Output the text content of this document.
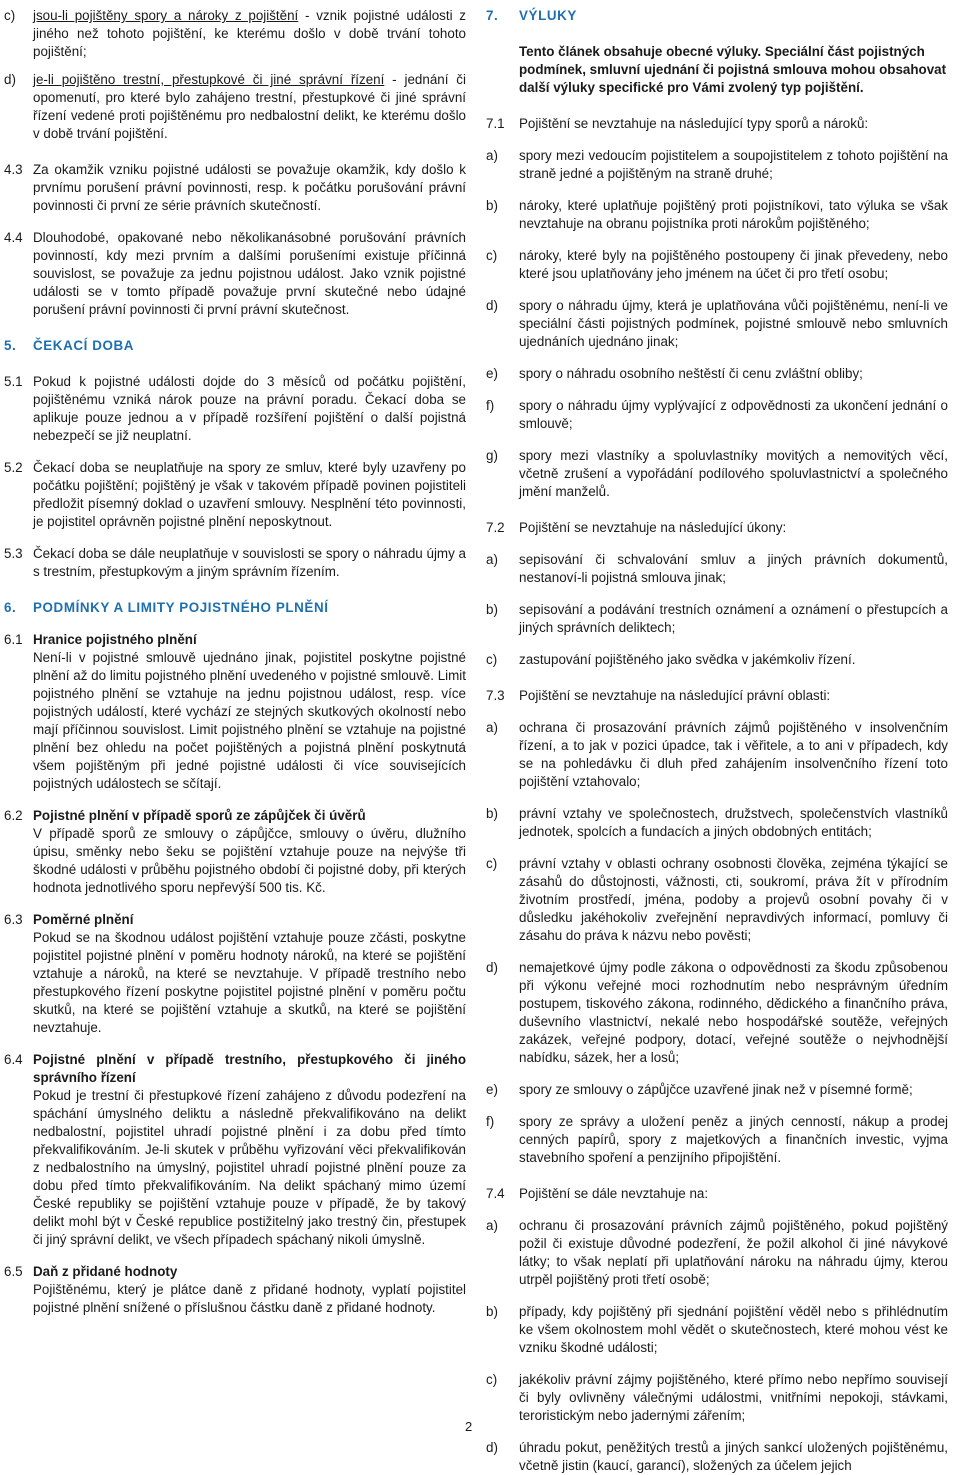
c) jsou-li pojištěny spory a nároky z pojištění - vznik pojistné události z jiného než tohoto pojištění, ke kterému došlo v době trvání tohoto pojištění;
d) je-li pojištěno trestní, přestupkové či jiné správní řízení - jednání či opomenutí, pro které bylo zahájeno trestní, přestupkové či jiné správní řízení vedené proti pojištěnému pro nedbalostní delikt, ke kterému došlo v době trvání pojištění.
4.3 Za okamžik vzniku pojistné události se považuje okamžik, kdy došlo k prvnímu porušení právní povinnosti, resp. k počátku porušování právní povinnosti či první ze série právních skutečností.
4.4 Dlouhodobé, opakované nebo několikanásobné porušování právních povinností, kdy mezi prvním a dalšími porušeními existuje příčinná souvislost, se považuje za jednu pojistnou událost. Jako vznik pojistné události se v tomto případě považuje první skutečné nebo údajné porušení právní povinnosti či první právní skutečnost.
5. ČEKACÍ DOBA
5.1 Pokud k pojistné události dojde do 3 měsíců od počátku pojištění, pojištěnému vzniká nárok pouze na právní poradu. Čekací doba se aplikuje pouze jednou a v případě rozšíření pojištění o další pojistná nebezpečí se již neuplatní.
5.2 Čekací doba se neuplatňuje na spory ze smluv, které byly uzavřeny po počátku pojištění; pojištěný je však v takovém případě povinen pojistiteli předložit písemný doklad o uzavření smlouvy. Nesplnění této povinnosti, je pojistitel oprávněn pojistné plnění neposkytnout.
5.3 Čekací doba se dále neuplatňuje v souvislosti se spory o náhradu újmy a s trestním, přestupkovým a jiným správním řízením.
6. PODMÍNKY A LIMITY POJISTNÉHO PLNĚNÍ
6.1 Hranice pojistného plnění
Není-li v pojistné smlouvě ujednáno jinak, pojistitel poskytne pojistné plnění až do limitu pojistného plnění uvedeného v pojistné smlouvě. Limit pojistného plnění se vztahuje na jednu pojistnou událost, resp. více pojistných událostí, které vychází ze stejných skutkových okolností nebo mají příčinnou souvislost. Limit pojistného plnění se vztahuje na pojistné plnění bez ohledu na počet pojištěných a pojistná plnění poskytnutá všem pojištěným při jedné pojistné události či více souvisejících pojistných událostech se sčítají.
6.2 Pojistné plnění v případě sporů ze zápůjček či úvěrů
V případě sporů ze smlouvy o zápůjčce, smlouvy o úvěru, dlužního úpisu, směnky nebo šeku se pojištění vztahuje pouze na nejvýše tři škodné události v průběhu pojistného období či pojistné doby, při kterých hodnota jednotlivého sporu nepřevýší 500 tis. Kč.
6.3 Poměrné plnění
Pokud se na škodnou událost pojištění vztahuje pouze zčásti, poskytne pojistitel pojistné plnění v poměru hodnoty nároků, na které se pojištění vztahuje a nároků, na které se nevztahuje. V případě trestního nebo přestupkového řízení poskytne pojistitel pojistné plnění v poměru počtu skutků, na které se pojištění vztahuje a skutků, na které se pojištění nevztahuje.
6.4 Pojistné plnění v případě trestního, přestupkového či jiného správního řízení
Pokud je trestní či přestupkové řízení zahájeno z důvodu podezření na spáchání úmyslného deliktu a následně překvalifikováno na delikt nedbalostní, pojistitel uhradí pojistné plnění i za dobu před tímto překvalifikováním. Je-li skutek v průběhu vyřizování věci překvalifikován z nedbalostního na úmyslný, pojistitel uhradí pojistné plnění pouze za dobu před tímto překvalifikováním. Na delikt spáchaný mimo území České republiky se pojištění vztahuje pouze v případě, že by takový delikt mohl být v České republice postižitelný jako trestný čin, přestupek či jiný správní delikt, ve všech případech spáchaný nikoli úmyslně.
6.5 Daň z přidané hodnoty
Pojištěnému, který je plátce daně z přidané hodnoty, vyplatí pojistitel pojistné plnění snížené o příslušnou částku daně z přidané hodnoty.
7. VÝLUKY
Tento článek obsahuje obecné výluky. Speciální část pojistných podmínek, smluvní ujednání či pojistná smlouva mohou obsahovat další výluky specifické pro Vámi zvolený typ pojištění.
7.1 Pojištění se nevztahuje na následující typy sporů a nároků:
a) spory mezi vedoucím pojistitelem a soupojistitelem z tohoto pojištění na straně jedné a pojištěným na straně druhé;
b) nároky, které uplatňuje pojištěný proti pojistníkovi, tato výluka se však nevztahuje na obranu pojistníka proti nárokům pojištěného;
c) nároky, které byly na pojištěného postoupeny či jinak převedeny, nebo které jsou uplatňovány jeho jménem na účet či pro třetí osobu;
d) spory o náhradu újmy, která je uplatňována vůči pojištěnému, není-li ve speciální části pojistných podmínek, pojistné smlouvě nebo smluvních ujednáních ujednáno jinak;
e) spory o náhradu osobního neštěstí či cenu zvláštní obliby;
f) spory o náhradu újmy vyplývající z odpovědnosti za ukončení jednání o smlouvě;
g) spory mezi vlastníky a spoluvlastníky movitých a nemovitých věcí, včetně zrušení a vypořádání podílového spoluvlastnictví a společného jmění manželů.
7.2 Pojištění se nevztahuje na následující úkony:
a) sepisování či schvalování smluv a jiných právních dokumentů, nestanoví-li pojistná smlouva jinak;
b) sepisování a podávání trestních oznámení a oznámení o přestupcích a jiných správních deliktech;
c) zastupování pojištěného jako svědka v jakémkoliv řízení.
7.3 Pojištění se nevztahuje na následující právní oblasti:
a) ochrana či prosazování právních zájmů pojištěného v insolvenčním řízení, a to jak v pozici úpadce, tak i věřitele, a to ani v případech, kdy se na pohledávku či dluh před zahájením insolvenčního řízení toto pojištění vztahovalo;
b) právní vztahy ve společnostech, družstvech, společenstvích vlastníků jednotek, spolcích a fundacích a jiných obdobných entitách;
c) právní vztahy v oblasti ochrany osobnosti člověka, zejména týkající se zásahů do důstojnosti, vážnosti, cti, soukromí, práva žít v přírodním životním prostředí, jména, podoby a projevů osobní povahy či v důsledku jakéhokoliv zveřejnění nepravdivých informací, pomluvy či zásahu do práva k názvu nebo pověsti;
d) nemajetkové újmy podle zákona o odpovědnosti za škodu způsobenou při výkonu veřejné moci rozhodnutím nebo nesprávným úředním postupem, tiskového zákona, rodinného, dědického a finančního práva, duševního vlastnictví, nekalé nebo hospodářské soutěže, veřejných zakázek, veřejné podpory, dotací, veřejné soutěže o nejvhodnější nabídku, sázek, her a losů;
e) spory ze smlouvy o zápůjčce uzavřené jinak než v písemné formě;
f) spory ze správy a uložení peněz a jiných cenností, nákup a prodej cenných papírů, spory z majetkových a finančních investic, vyjma stavebního spoření a penzijního připojištění.
7.4 Pojištění se dále nevztahuje na:
a) ochranu či prosazování právních zájmů pojištěného, pokud pojištěný požil či existuje důvodné podezření, že požil alkohol či jiné návykové látky; to však neplatí při uplatňování nároku na náhradu újmy, kterou utrpěl pojištěný proti třetí osobě;
b) případy, kdy pojištěný při sjednání pojištění věděl nebo s přihlédnutím ke všem okolnostem mohl vědět o skutečnostech, které mohou vést ke vzniku škodné události;
c) jakékoliv právní zájmy pojištěného, které přímo nebo nepřímo souvisejí či byly ovlivněny válečnými událostmi, vnitřními nepokoji, stávkami, teroristickým nebo jadernými zářením;
d) úhradu pokut, peněžitých trestů a jiných sankcí uložených pojištěnému, včetně jistin (kaucí, garancí), složených za účelem jejich
2
